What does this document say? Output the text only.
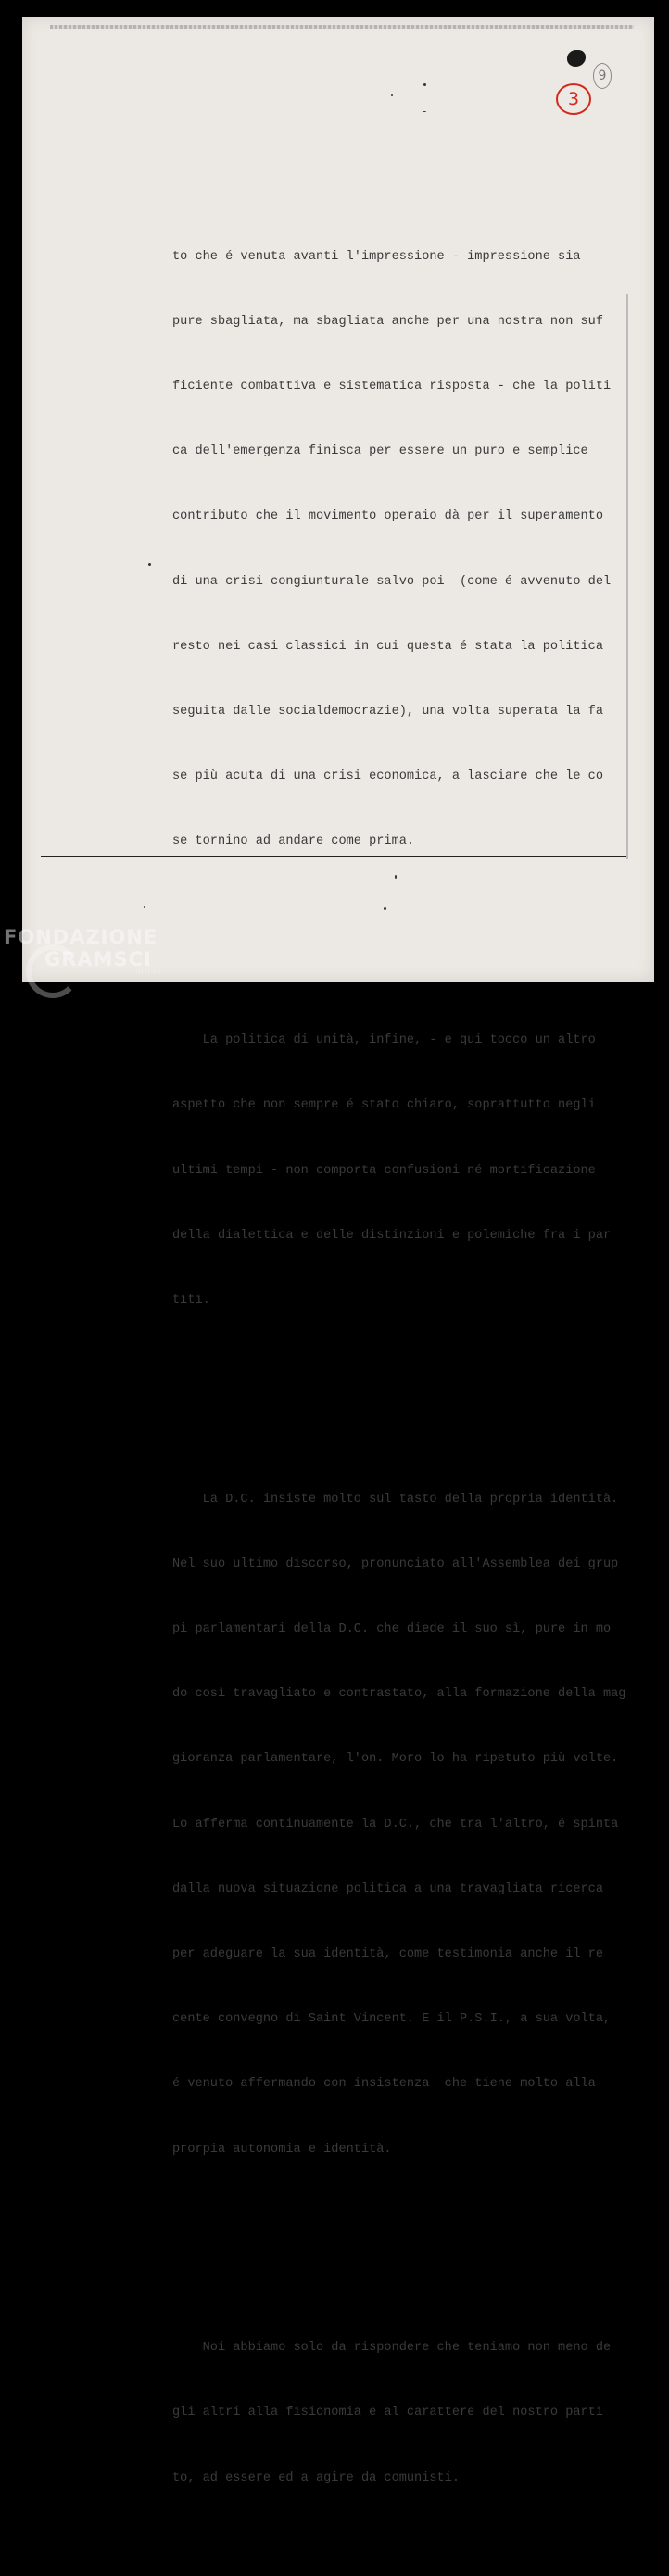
9
3

to che é venuta avanti l'impressione - impressione sia

pure sbagliata, ma sbagliata anche per una nostra non suf

ficiente combattiva e sistematica risposta - che la politi

ca dell'emergenza finisca per essere un puro e semplice

contributo che il movimento operaio dà per il superamento

di una crisi congiunturale salvo poi  (come é avvenuto del

resto nei casi classici in cui questa é stata la politica

seguita dalle socialdemocrazie), una volta superata la fa

se più acuta di una crisi economica, a lasciare che le co

se tornino ad andare come prima.

La politica di unità, infine, - e qui tocco un altro

aspetto che non sempre é stato chiaro, soprattutto negli

ultimi tempi - non comporta confusioni né mortificazione

della dialettica e delle distinzioni e polemiche fra i par

titi.

La D.C. insiste molto sul tasto della propria identità.

Nel suo ultimo discorso, pronunciato all'Assemblea dei grup

pi parlamentari della D.C. che diede il suo sì, pure in mo

do così travagliato e contrastato, alla formazione della mag

gioranza parlamentare, l'on. Moro lo ha ripetuto più volte.

Lo afferma continuamente la D.C., che tra l'altro, é spinta

dalla nuova situazione politica a una travagliata ricerca

per adeguare la sua identità, come testimonia anche il re

cente convegno di Saint Vincent. E il P.S.I., a sua volta,

é venuto affermando con insistenza  che tiene molto alla

prorpia autonomia e identità.

Noi abbiamo solo da rispondere che teniamo non meno de

gli altri alla fisionomia e al carattere del nostro parti

to, ad essere ed a agire da comunisti.

FONDAZIONE
GRAMSCI
onlus
